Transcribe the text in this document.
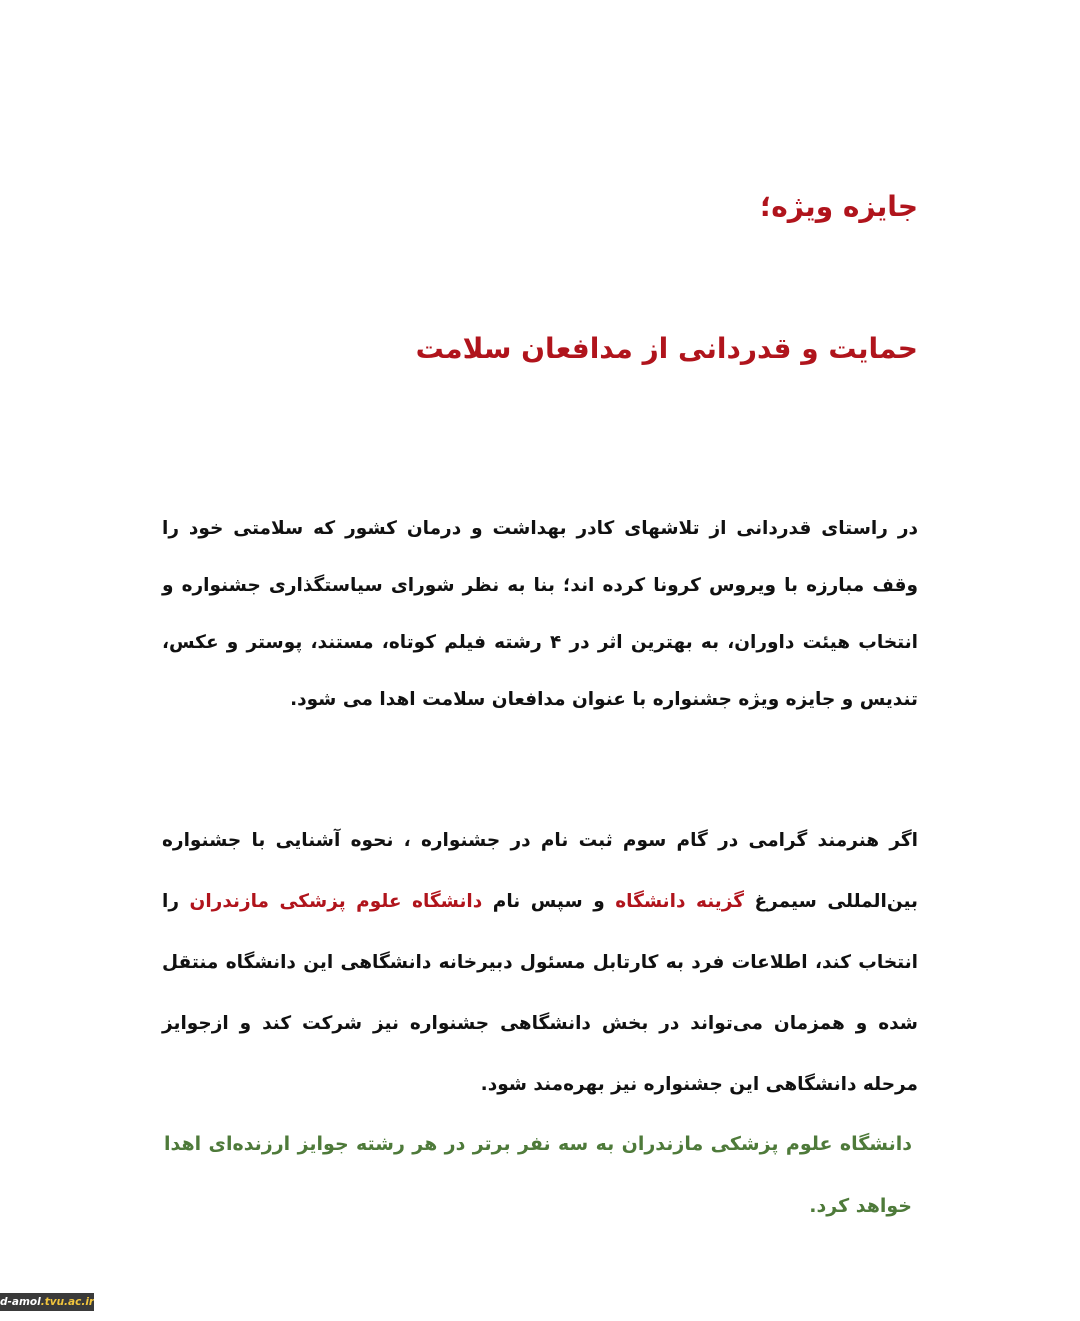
جایزه ویژه؛
حمایت و قدردانی از مدافعان سلامت

در راستای قدردانی از تلاشهای کادر بهداشت و درمان کشور که سلامتی خود را وقف مبارزه با ویروس کرونا کرده اند؛ بنا به نظر شورای سیاستگذاری جشنواره و انتخاب هیئت داوران، به بهترین اثر در ۴ رشته فیلم کوتاه، مستند، پوستر و عکس، تندیس و جایزه ویژه جشنواره با عنوان مدافعان سلامت اهدا می شود.

اگر هنرمند گرامی در گام سوم ثبت نام در جشنواره ، نحوه آشنایی با جشنواره بین‌المللی سیمرغ گزینه دانشگاه و سپس نام دانشگاه علوم پزشکی مازندران را انتخاب کند، اطلاعات فرد به کارتابل مسئول دبیرخانه دانشگاهی این دانشگاه منتقل شده و همزمان می‌تواند در بخش دانشگاهی جشنواره نیز شرکت کند و ازجوایز مرحله دانشگاهی این جشنواره نیز بهره‌مند شود.

دانشگاه علوم پزشکی مازندران به سه نفر برتر در هر رشته جوایز ارزنده‌ای اهدا خواهد کرد.

d-amol.tvu.ac.ir
